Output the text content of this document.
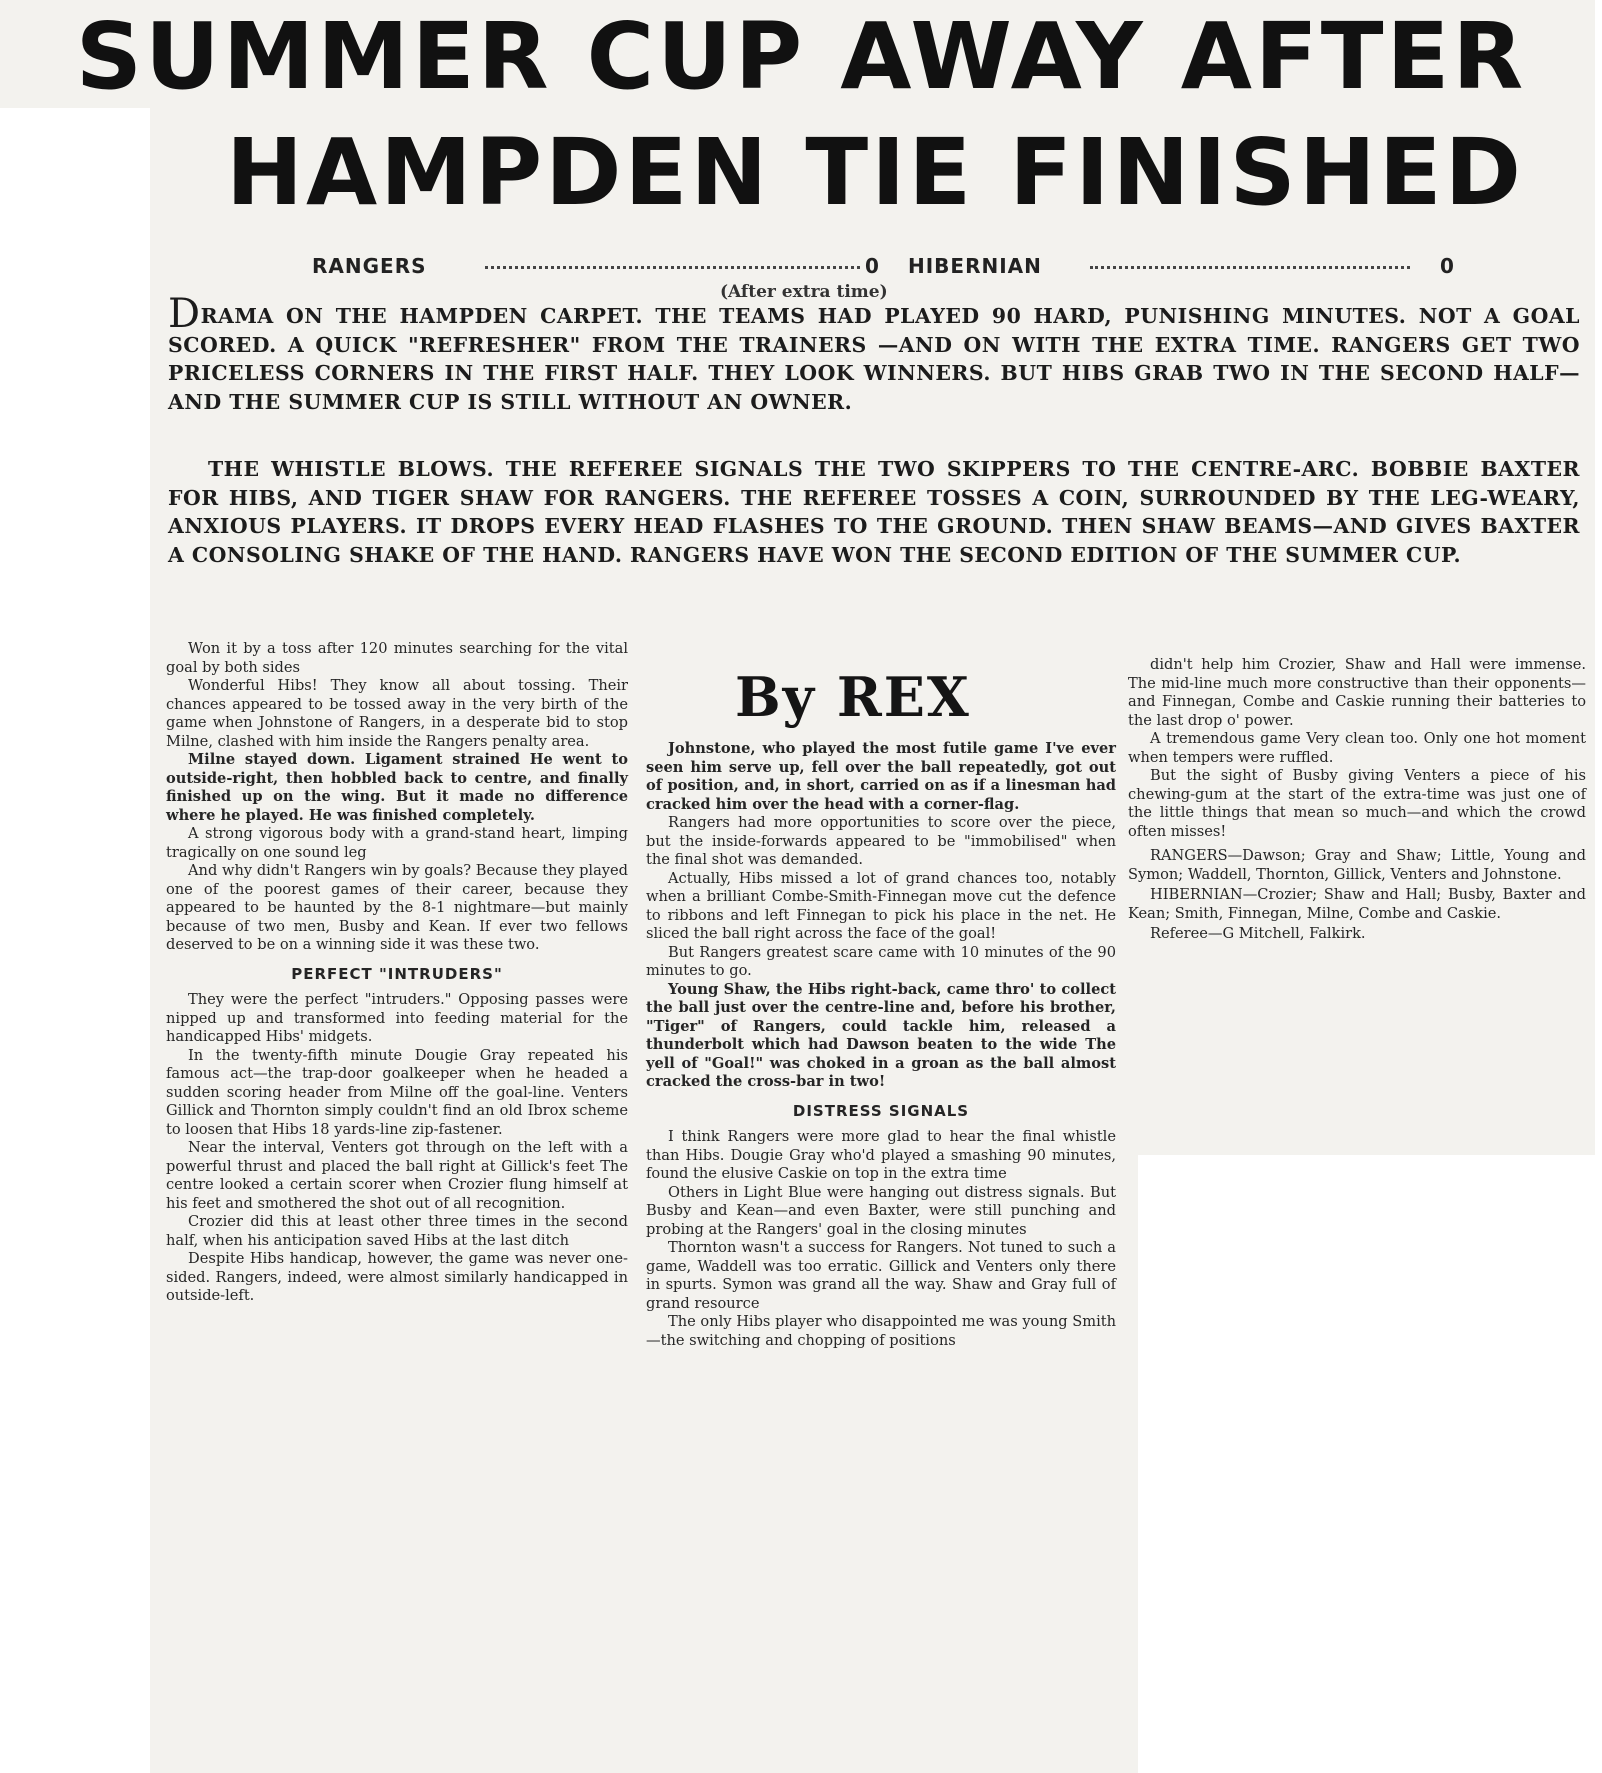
SUMMER CUP AWAY AFTER
HAMPDEN TIE FINISHED
RANGERS	0 HIBERNIAN	0
(After extra time)
DRAMA ON THE HAMPDEN CARPET. THE TEAMS HAD PLAYED 90 HARD, PUNISHING MINUTES. NOT A GOAL SCORED. A QUICK "REFRESHER" FROM THE TRAINERS —AND ON WITH THE EXTRA TIME. RANGERS GET TWO PRICELESS CORNERS IN THE FIRST HALF. THEY LOOK WINNERS. BUT HIBS GRAB TWO IN THE SECOND HALF—AND THE SUMMER CUP IS STILL WITHOUT AN OWNER.
THE WHISTLE BLOWS. THE REFEREE SIGNALS THE TWO SKIPPERS TO THE CENTRE-ARC. BOBBIE BAXTER FOR HIBS, AND TIGER SHAW FOR RANGERS. THE REFEREE TOSSES A COIN, SURROUNDED BY THE LEG-WEARY, ANXIOUS PLAYERS. IT DROPS EVERY HEAD FLASHES TO THE GROUND. THEN SHAW BEAMS—AND GIVES BAXTER A CONSOLING SHAKE OF THE HAND. RANGERS HAVE WON THE SECOND EDITION OF THE SUMMER CUP.
By REX

Won it by a toss after 120 minutes searching for the vital goal by both sides

Wonderful Hibs! They know all about tossing. Their chances appeared to be tossed away in the very birth of the game when Johnstone of Rangers, in a desperate bid to stop Milne, clashed with him inside the Rangers penalty area.

Milne stayed down. Ligament strained He went to outside-right, then hobbled back to centre, and finally finished up on the wing. But it made no difference where he played. He was finished completely.

A strong vigorous body with a grand-stand heart, limping tragically on one sound leg

And why didn't Rangers win by goals? Because they played one of the poorest games of their career, because they appeared to be haunted by the 8-1 nightmare—but mainly because of two men, Busby and Kean. If ever two fellows deserved to be on a winning side it was these two.

PERFECT "INTRUDERS"

They were the perfect "intruders." Opposing passes were nipped up and transformed into feeding material for the handicapped Hibs' midgets.

In the twenty-fifth minute Dougie Gray repeated his famous act—the trap-door goalkeeper when he headed a sudden scoring header from Milne off the goal-line. Venters Gillick and Thornton simply couldn't find an old Ibrox scheme to loosen that Hibs 18 yards-line zip-fastener.

Near the interval, Venters got through on the left with a powerful thrust and placed the ball right at Gillick's feet The centre looked a certain scorer when Crozier flung himself at his feet and smothered the shot out of all recognition.

Crozier did this at least other three times in the second half, when his anticipation saved Hibs at the last ditch

Despite Hibs handicap, however, the game was never one-sided. Rangers, indeed, were almost similarly handicapped in outside-left.

Johnstone, who played the most futile game I've ever seen him serve up, fell over the ball repeatedly, got out of position, and, in short, carried on as if a linesman had cracked him over the head with a corner-flag.

Rangers had more opportunities to score over the piece, but the inside-forwards appeared to be "immobilised" when the final shot was demanded.

Actually, Hibs missed a lot of grand chances too, notably when a brilliant Combe-Smith-Finnegan move cut the defence to ribbons and left Finnegan to pick his place in the net. He sliced the ball right across the face of the goal!

But Rangers greatest scare came with 10 minutes of the 90 minutes to go.

Young Shaw, the Hibs right-back, came thro' to collect the ball just over the centre-line and, before his brother, "Tiger" of Rangers, could tackle him, released a thunderbolt which had Dawson beaten to the wide The yell of "Goal!" was choked in a groan as the ball almost cracked the cross-bar in two!

DISTRESS SIGNALS

I think Rangers were more glad to hear the final whistle than Hibs. Dougie Gray who'd played a smashing 90 minutes, found the elusive Caskie on top in the extra time

Others in Light Blue were hanging out distress signals. But Busby and Kean—and even Baxter, were still punching and probing at the Rangers' goal in the closing minutes

Thornton wasn't a success for Rangers. Not tuned to such a game, Waddell was too erratic. Gillick and Venters only there in spurts. Symon was grand all the way. Shaw and Gray full of grand resource

The only Hibs player who disappointed me was young Smith—the switching and chopping of positions

didn't help him Crozier, Shaw and Hall were immense. The mid-line much more constructive than their opponents—and Finnegan, Combe and Caskie running their batteries to the last drop o' power.

A tremendous game Very clean too. Only one hot moment when tempers were ruffled.

But the sight of Busby giving Venters a piece of his chewing-gum at the start of the extra-time was just one of the little things that mean so much—and which the crowd often misses!

RANGERS—Dawson; Gray and Shaw; Little, Young and Symon; Waddell, Thornton, Gillick, Venters and Johnstone.

HIBERNIAN—Crozier; Shaw and Hall; Busby, Baxter and Kean; Smith, Finnegan, Milne, Combe and Caskie.

Referee—G Mitchell, Falkirk.
